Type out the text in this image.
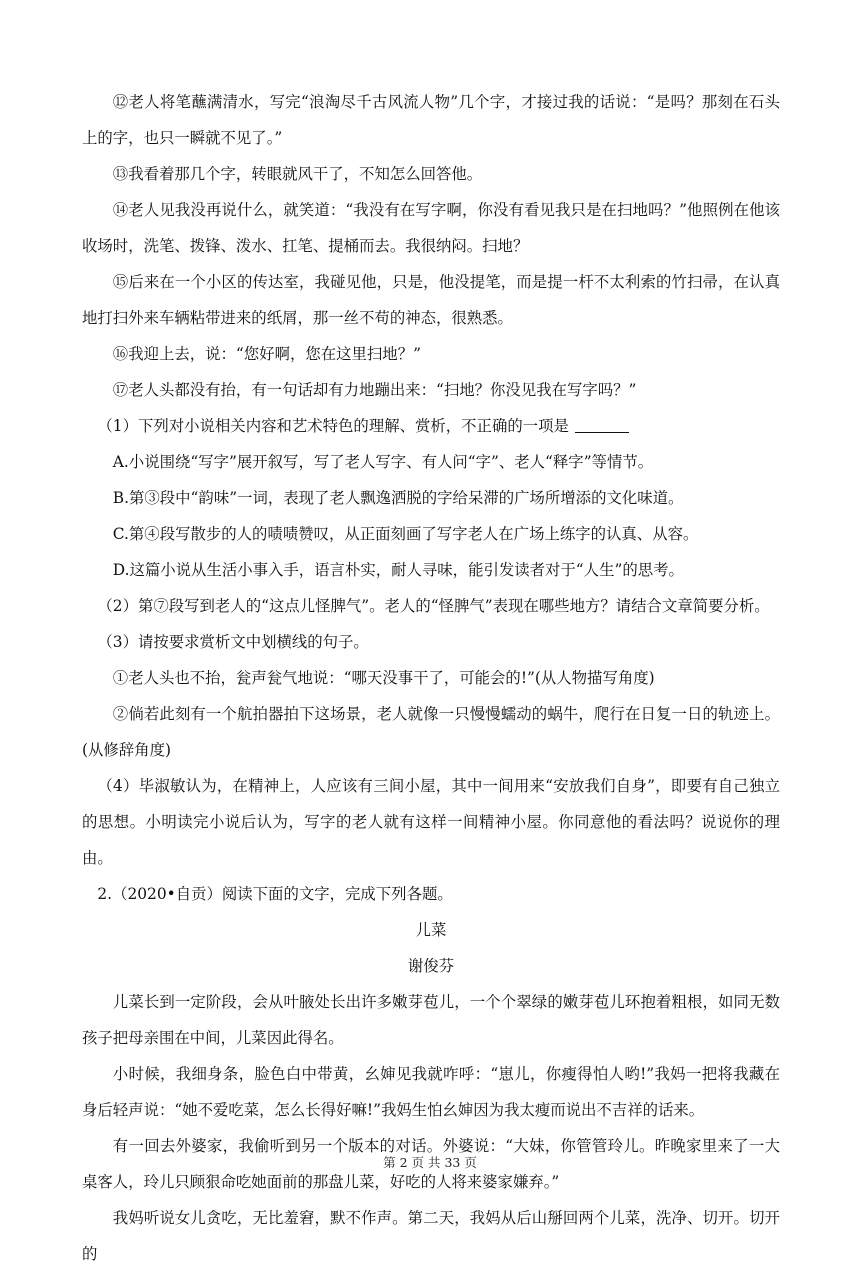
⑫老人将笔蘸满清水，写完“浪淘尽千古风流人物”几个字，才接过我的话说：“是吗？那刻在石头上的字，也只一瞬就不见了。”

⑬我看着那几个字，转眼就风干了，不知怎么回答他。

⑭老人见我没再说什么，就笑道：“我没有在写字啊，你没有看见我只是在扫地吗？”他照例在他该收场时，洗笔、拨锋、泼水、扛笔、提桶而去。我很纳闷。扫地？

⑮后来在一个小区的传达室，我碰见他，只是，他没提笔，而是提一杆不太利索的竹扫帚，在认真地打扫外来车辆粘带进来的纸屑，那一丝不苟的神态，很熟悉。

⑯我迎上去，说：“您好啊，您在这里扫地？”

⑰老人头都没有抬，有一句话却有力地蹦出来：“扫地？你没见我在写字吗？”

（1）下列对小说相关内容和艺术特色的理解、赏析，不正确的一项是

A.小说围绕“写字”展开叙写，写了老人写字、有人问“字”、老人“释字”等情节。

B.第③段中“韵味”一词，表现了老人飘逸洒脱的字给呆滞的广场所增添的文化味道。

C.第④段写散步的人的啧啧赞叹，从正面刻画了写字老人在广场上练字的认真、从容。

D.这篇小说从生活小事入手，语言朴实，耐人寻味，能引发读者对于“人生”的思考。

（2）第⑦段写到老人的“这点儿怪脾气”。老人的“怪脾气”表现在哪些地方？请结合文章简要分析。

（3）请按要求赏析文中划横线的句子。

①老人头也不抬，瓮声瓮气地说：“哪天没事干了，可能会的!”(从人物描写角度)

②倘若此刻有一个航拍器拍下这场景，老人就像一只慢慢蠕动的蜗牛，爬行在日复一日的轨迹上。(从修辞角度)

（4）毕淑敏认为，在精神上，人应该有三间小屋，其中一间用来“安放我们自身”，即要有自己独立的思想。小明读完小说后认为，写字的老人就有这样一间精神小屋。你同意他的看法吗？说说你的理由。

2.（2020•自贡）阅读下面的文字，完成下列各题。

儿菜

谢俊芬

儿菜长到一定阶段，会从叶腋处长出许多嫩芽苞儿，一个个翠绿的嫩芽苞儿环抱着粗根，如同无数孩子把母亲围在中间，儿菜因此得名。

小时候，我细身条，脸色白中带黄，幺婶见我就咋呼：“崽儿，你瘦得怕人哟!”我妈一把将我藏在身后轻声说：“她不爱吃菜，怎么长得好嘛!”我妈生怕幺婶因为我太瘦而说出不吉祥的话来。

有一回去外婆家，我偷听到另一个版本的对话。外婆说：“大妹，你管管玲儿。昨晚家里来了一大桌客人，玲儿只顾狠命吃她面前的那盘儿菜，好吃的人将来婆家嫌弃。”

我妈听说女儿贪吃，无比羞窘，默不作声。第二天，我妈从后山掰回两个儿菜，洗净、切开。切开的

第 2 页 共 33 页
